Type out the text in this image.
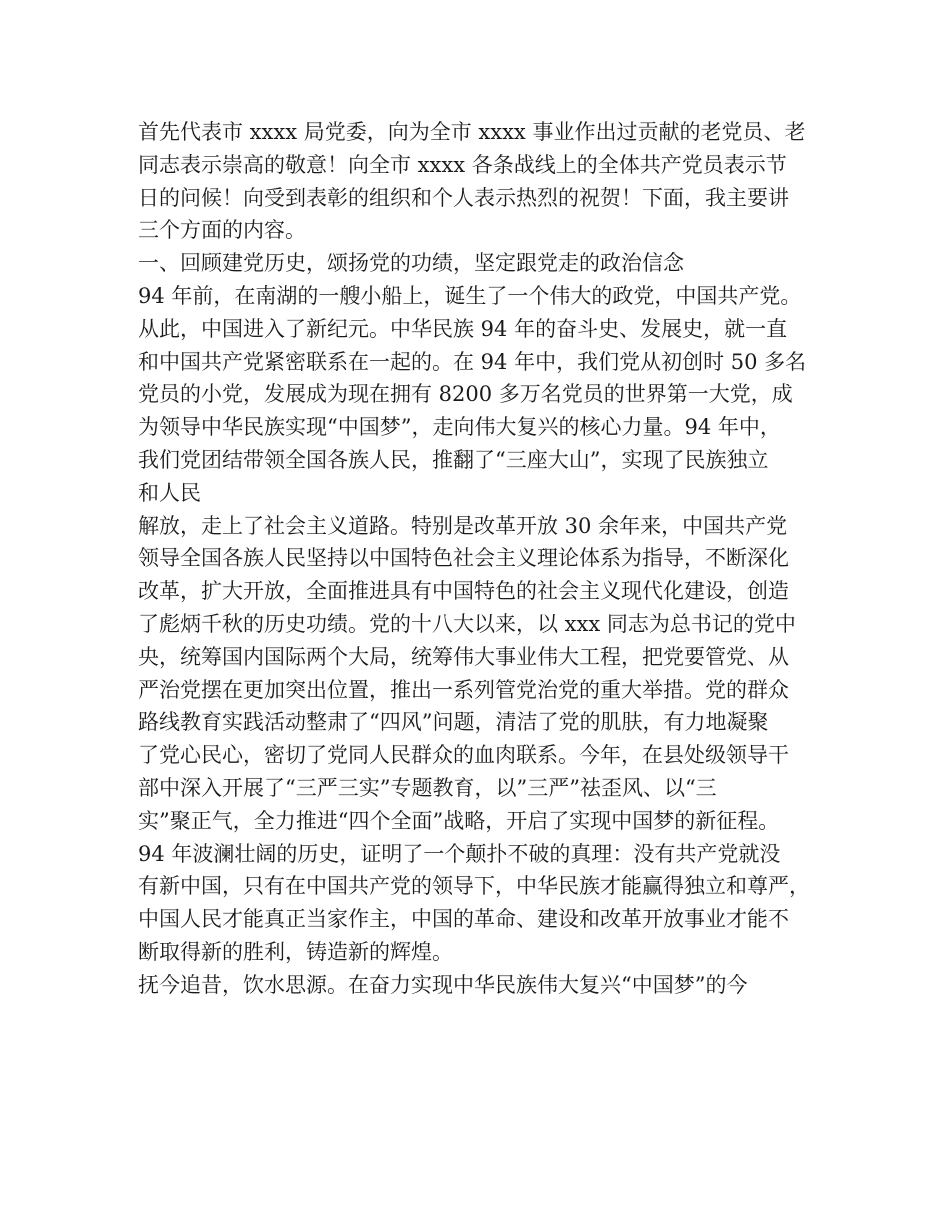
首先代表市 xxxx 局党委，向为全市 xxxx 事业作出过贡献的老党员、老
同志表示崇高的敬意！向全市 xxxx 各条战线上的全体共产党员表示节
日的问候！向受到表彰的组织和个人表示热烈的祝贺！下面，我主要讲
三个方面的内容。
一、回顾建党历史，颂扬党的功绩，坚定跟党走的政治信念
94 年前，在南湖的一艘小船上，诞生了一个伟大的政党，中国共产党。
从此，中国进入了新纪元。中华民族 94 年的奋斗史、发展史，就一直
和中国共产党紧密联系在一起的。在 94 年中，我们党从初创时 50 多名
党员的小党，发展成为现在拥有 8200 多万名党员的世界第一大党，成
为领导中华民族实现“中国梦”，走向伟大复兴的核心力量。94 年中，
我们党团结带领全国各族人民，推翻了“三座大山”，实现了民族独立
和人民
解放，走上了社会主义道路。特别是改革开放 30 余年来，中国共产党
领导全国各族人民坚持以中国特色社会主义理论体系为指导，不断深化
改革，扩大开放，全面推进具有中国特色的社会主义现代化建设，创造
了彪炳千秋的历史功绩。党的十八大以来，以 xxx 同志为总书记的党中
央，统筹国内国际两个大局，统筹伟大事业伟大工程，把党要管党、从
严治党摆在更加突出位置，推出一系列管党治党的重大举措。党的群众
路线教育实践活动整肃了“四风”问题，清洁了党的肌肤，有力地凝聚
了党心民心，密切了党同人民群众的血肉联系。今年，在县处级领导干
部中深入开展了“三严三实”专题教育，以”三严”祛歪风、以“三
实”聚正气，全力推进“四个全面”战略，开启了实现中国梦的新征程。
94 年波澜壮阔的历史，证明了一个颠扑不破的真理：没有共产党就没
有新中国，只有在中国共产党的领导下，中华民族才能赢得独立和尊严，
中国人民才能真正当家作主，中国的革命、建设和改革开放事业才能不
断取得新的胜利，铸造新的辉煌。
抚今追昔，饮水思源。在奋力实现中华民族伟大复兴“中国梦”的今
